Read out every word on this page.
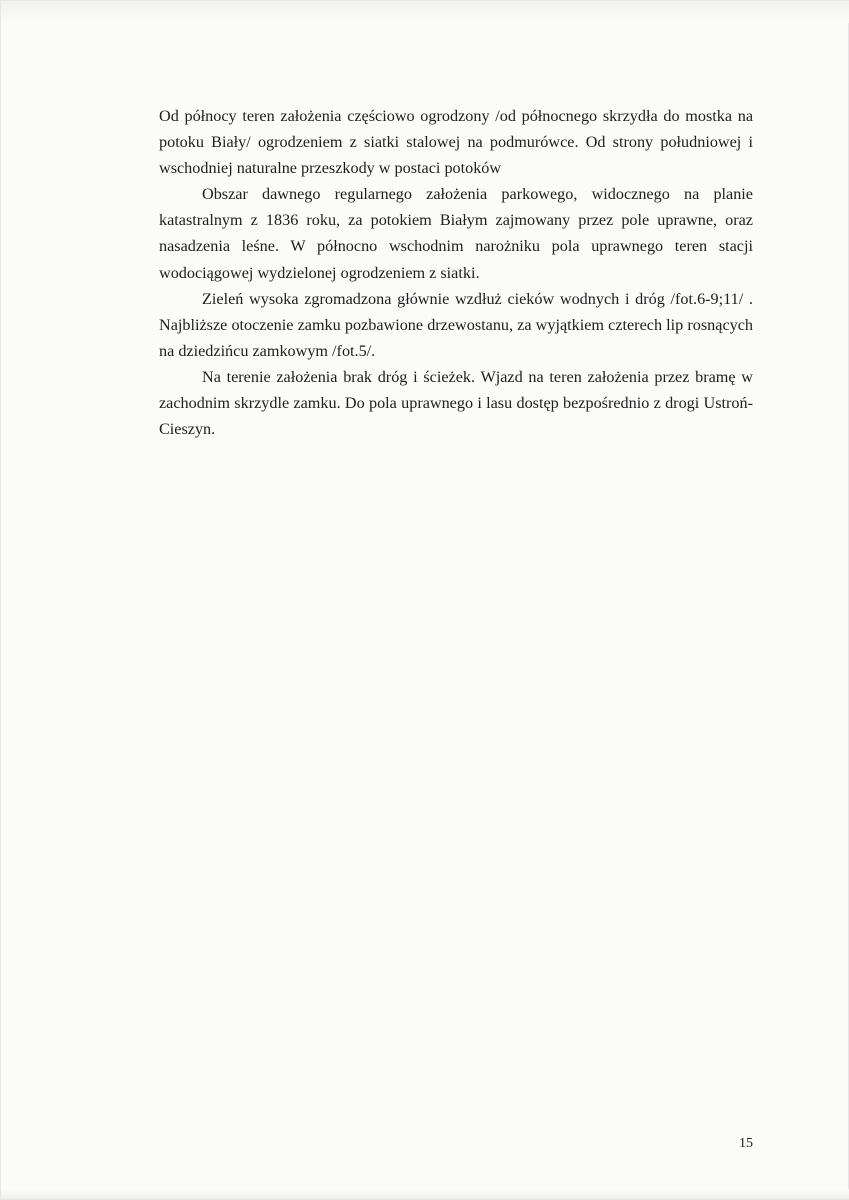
Od północy teren założenia częściowo ogrodzony /od północnego skrzydła do mostka na potoku Biały/ ogrodzeniem z siatki stalowej na podmurówce. Od strony południowej i wschodniej naturalne przeszkody w postaci potoków

Obszar dawnego regularnego założenia parkowego, widocznego na planie katastralnym z 1836 roku, za potokiem Białym zajmowany przez pole uprawne, oraz nasadzenia leśne. W północno wschodnim narożniku pola uprawnego teren stacji wodociągowej wydzielonej ogrodzeniem z siatki.

Zieleń wysoka zgromadzona głównie wzdłuż cieków wodnych i dróg /fot.6-9;11/ . Najbliższe otoczenie zamku pozbawione drzewostanu, za wyjątkiem czterech lip rosnących na dziedzińcu zamkowym /fot.5/.

Na terenie założenia brak dróg i ścieżek. Wjazd na teren założenia przez bramę w zachodnim skrzydle zamku. Do pola uprawnego i lasu dostęp bezpośrednio z drogi Ustroń-Cieszyn.

15
